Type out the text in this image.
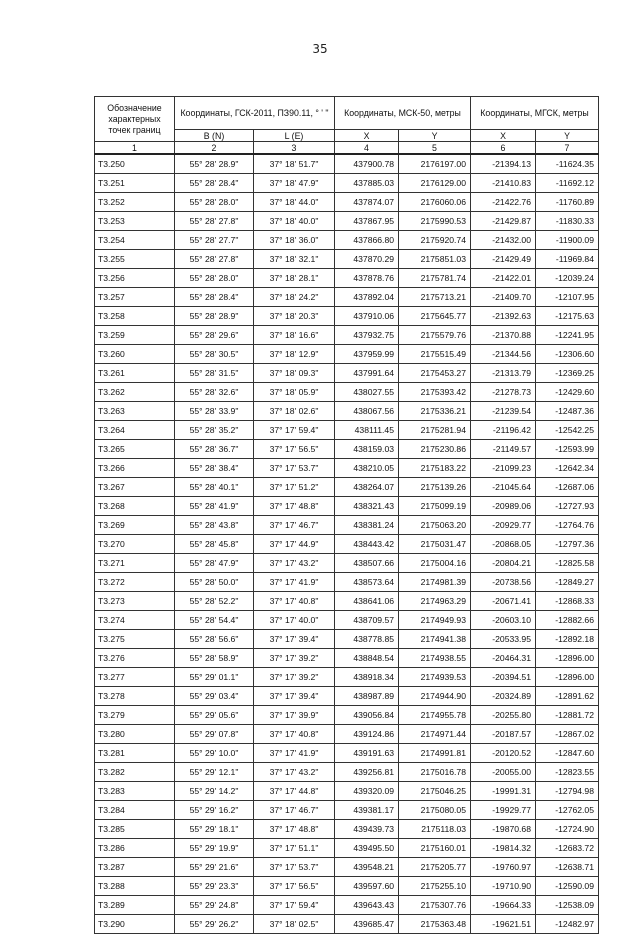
35
Обозначение характерных точек границ	Координаты, ГСК-2011, ПЗ90.11, ° ' "		Координаты, МСК-50, метры		Координаты, МГСК, метры	
	B (N)	L (E)	X	Y	X	Y
1	2	3	4	5	6	7
Т3.250	55° 28' 28.9"	37° 18' 51.7"	437900.78	2176197.00	-21394.13	-11624.35
Т3.251	55° 28' 28.4"	37° 18' 47.9"	437885.03	2176129.00	-21410.83	-11692.12
Т3.252	55° 28' 28.0"	37° 18' 44.0"	437874.07	2176060.06	-21422.76	-11760.89
Т3.253	55° 28' 27.8"	37° 18' 40.0"	437867.95	2175990.53	-21429.87	-11830.33
Т3.254	55° 28' 27.7"	37° 18' 36.0"	437866.80	2175920.74	-21432.00	-11900.09
Т3.255	55° 28' 27.8"	37° 18' 32.1"	437870.29	2175851.03	-21429.49	-11969.84
Т3.256	55° 28' 28.0"	37° 18' 28.1"	437878.76	2175781.74	-21422.01	-12039.24
Т3.257	55° 28' 28.4"	37° 18' 24.2"	437892.04	2175713.21	-21409.70	-12107.95
Т3.258	55° 28' 28.9"	37° 18' 20.3"	437910.06	2175645.77	-21392.63	-12175.63
Т3.259	55° 28' 29.6"	37° 18' 16.6"	437932.75	2175579.76	-21370.88	-12241.95
Т3.260	55° 28' 30.5"	37° 18' 12.9"	437959.99	2175515.49	-21344.56	-12306.60
Т3.261	55° 28' 31.5"	37° 18' 09.3"	437991.64	2175453.27	-21313.79	-12369.25
Т3.262	55° 28' 32.6"	37° 18' 05.9"	438027.55	2175393.42	-21278.73	-12429.60
Т3.263	55° 28' 33.9"	37° 18' 02.6"	438067.56	2175336.21	-21239.54	-12487.36
Т3.264	55° 28' 35.2"	37° 17' 59.4"	438111.45	2175281.94	-21196.42	-12542.25
Т3.265	55° 28' 36.7"	37° 17' 56.5"	438159.03	2175230.86	-21149.57	-12593.99
Т3.266	55° 28' 38.4"	37° 17' 53.7"	438210.05	2175183.22	-21099.23	-12642.34
Т3.267	55° 28' 40.1"	37° 17' 51.2"	438264.07	2175139.26	-21045.64	-12687.06
Т3.268	55° 28' 41.9"	37° 17' 48.8"	438321.43	2175099.19	-20989.06	-12727.93
Т3.269	55° 28' 43.8"	37° 17' 46.7"	438381.24	2175063.20	-20929.77	-12764.76
Т3.270	55° 28' 45.8"	37° 17' 44.9"	438443.42	2175031.47	-20868.05	-12797.36
Т3.271	55° 28' 47.9"	37° 17' 43.2"	438507.66	2175004.16	-20804.21	-12825.58
Т3.272	55° 28' 50.0"	37° 17' 41.9"	438573.64	2174981.39	-20738.56	-12849.27
Т3.273	55° 28' 52.2"	37° 17' 40.8"	438641.06	2174963.29	-20671.41	-12868.33
Т3.274	55° 28' 54.4"	37° 17' 40.0"	438709.57	2174949.93	-20603.10	-12882.66
Т3.275	55° 28' 56.6"	37° 17' 39.4"	438778.85	2174941.38	-20533.95	-12892.18
Т3.276	55° 28' 58.9"	37° 17' 39.2"	438848.54	2174938.55	-20464.31	-12896.00
Т3.277	55° 29' 01.1"	37° 17' 39.2"	438918.34	2174939.53	-20394.51	-12896.00
Т3.278	55° 29' 03.4"	37° 17' 39.4"	438987.89	2174944.90	-20324.89	-12891.62
Т3.279	55° 29' 05.6"	37° 17' 39.9"	439056.84	2174955.78	-20255.80	-12881.72
Т3.280	55° 29' 07.8"	37° 17' 40.8"	439124.86	2174971.44	-20187.57	-12867.02
Т3.281	55° 29' 10.0"	37° 17' 41.9"	439191.63	2174991.81	-20120.52	-12847.60
Т3.282	55° 29' 12.1"	37° 17' 43.2"	439256.81	2175016.78	-20055.00	-12823.55
Т3.283	55° 29' 14.2"	37° 17' 44.8"	439320.09	2175046.25	-19991.31	-12794.98
Т3.284	55° 29' 16.2"	37° 17' 46.7"	439381.17	2175080.05	-19929.77	-12762.05
Т3.285	55° 29' 18.1"	37° 17' 48.8"	439439.73	2175118.03	-19870.68	-12724.90
Т3.286	55° 29' 19.9"	37° 17' 51.1"	439495.50	2175160.01	-19814.32	-12683.72
Т3.287	55° 29' 21.6"	37° 17' 53.7"	439548.21	2175205.77	-19760.97	-12638.71
Т3.288	55° 29' 23.3"	37° 17' 56.5"	439597.60	2175255.10	-19710.90	-12590.09
Т3.289	55° 29' 24.8"	37° 17' 59.4"	439643.43	2175307.76	-19664.33	-12538.09
Т3.290	55° 29' 26.2"	37° 18' 02.5"	439685.47	2175363.48	-19621.51	-12482.97
